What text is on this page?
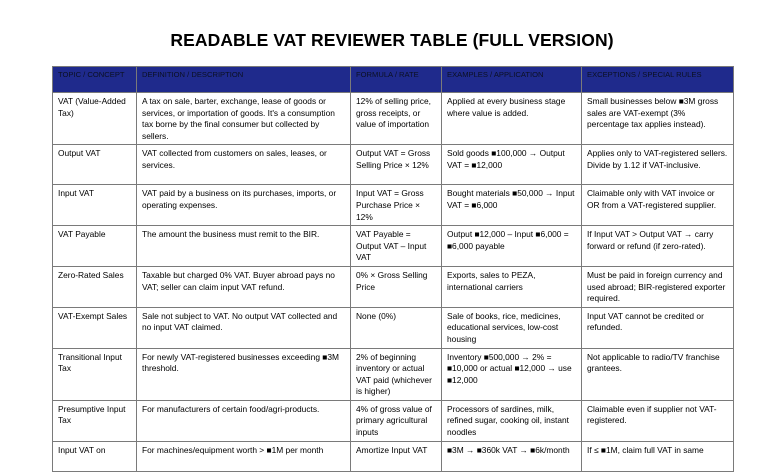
READABLE VAT REVIEWER TABLE (FULL VERSION)
TOPIC / CONCEPT	DEFINITION / DESCRIPTION	FORMULA / RATE	EXAMPLES / APPLICATION	EXCEPTIONS / SPECIAL RULES
VAT (Value-Added Tax)	A tax on sale, barter, exchange, lease of goods or services, or importation of goods. It's a consumption tax borne by the final consumer but collected by sellers.	12% of selling price, gross receipts, or value of importation	Applied at every business stage where value is added.	Small businesses below ■3M gross sales are VAT-exempt (3% percentage tax applies instead).
Output VAT	VAT collected from customers on sales, leases, or services.	Output VAT = Gross Selling Price × 12%	Sold goods ■100,000 → Output VAT = ■12,000	Applies only to VAT-registered sellers. Divide by 1.12 if VAT-inclusive.
Input VAT	VAT paid by a business on its purchases, imports, or operating expenses.	Input VAT = Gross Purchase Price × 12%	Bought materials ■50,000 → Input VAT = ■6,000	Claimable only with VAT invoice or OR from a VAT-registered supplier.
VAT Payable	The amount the business must remit to the BIR.	VAT Payable = Output VAT – Input VAT	Output ■12,000 – Input ■6,000 = ■6,000 payable	If Input VAT > Output VAT → carry forward or refund (if zero-rated).
Zero-Rated Sales	Taxable but charged 0% VAT. Buyer abroad pays no VAT; seller can claim input VAT refund.	0% × Gross Selling Price	Exports, sales to PEZA, international carriers	Must be paid in foreign currency and used abroad; BIR-registered exporter required.
VAT-Exempt Sales	Sale not subject to VAT. No output VAT collected and no input VAT claimed.	None (0%)	Sale of books, rice, medicines, educational services, low-cost housing	Input VAT cannot be credited or refunded.
Transitional Input Tax	For newly VAT-registered businesses exceeding ■3M threshold.	2% of beginning inventory or actual VAT paid (whichever is higher)	Inventory ■500,000 → 2% = ■10,000 or actual ■12,000 → use ■12,000	Not applicable to radio/TV franchise grantees.
Presumptive Input Tax	For manufacturers of certain food/agri-products.	4% of gross value of primary agricultural inputs	Processors of sardines, milk, refined sugar, cooking oil, instant noodles	Claimable even if supplier not VAT-registered.
Input VAT on	For machines/equipment worth > ■1M per month	Amortize Input VAT	■3M → ■360k VAT → ■6k/month	If ≤ ■1M, claim full VAT in same
